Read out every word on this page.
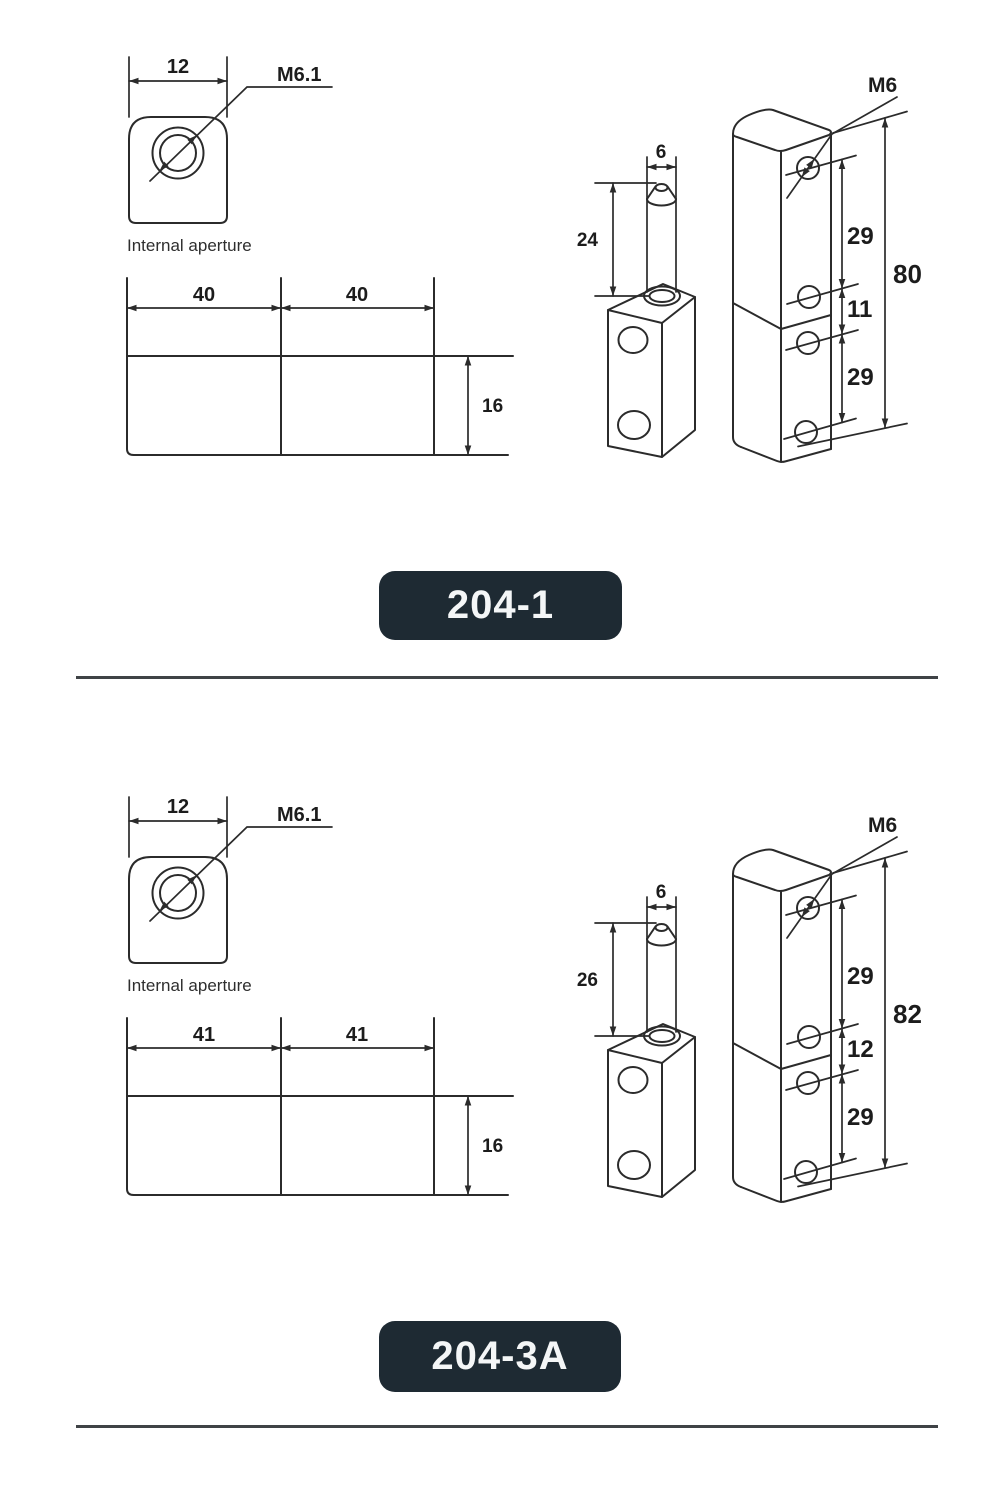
12	M6.1
Internal aperture
40	40
16
6
24	29
11
29
80
M6
12	M6.1
Internal aperture
41	41
16
6
26	29
12
29
82
M6
204-1
204-3A
